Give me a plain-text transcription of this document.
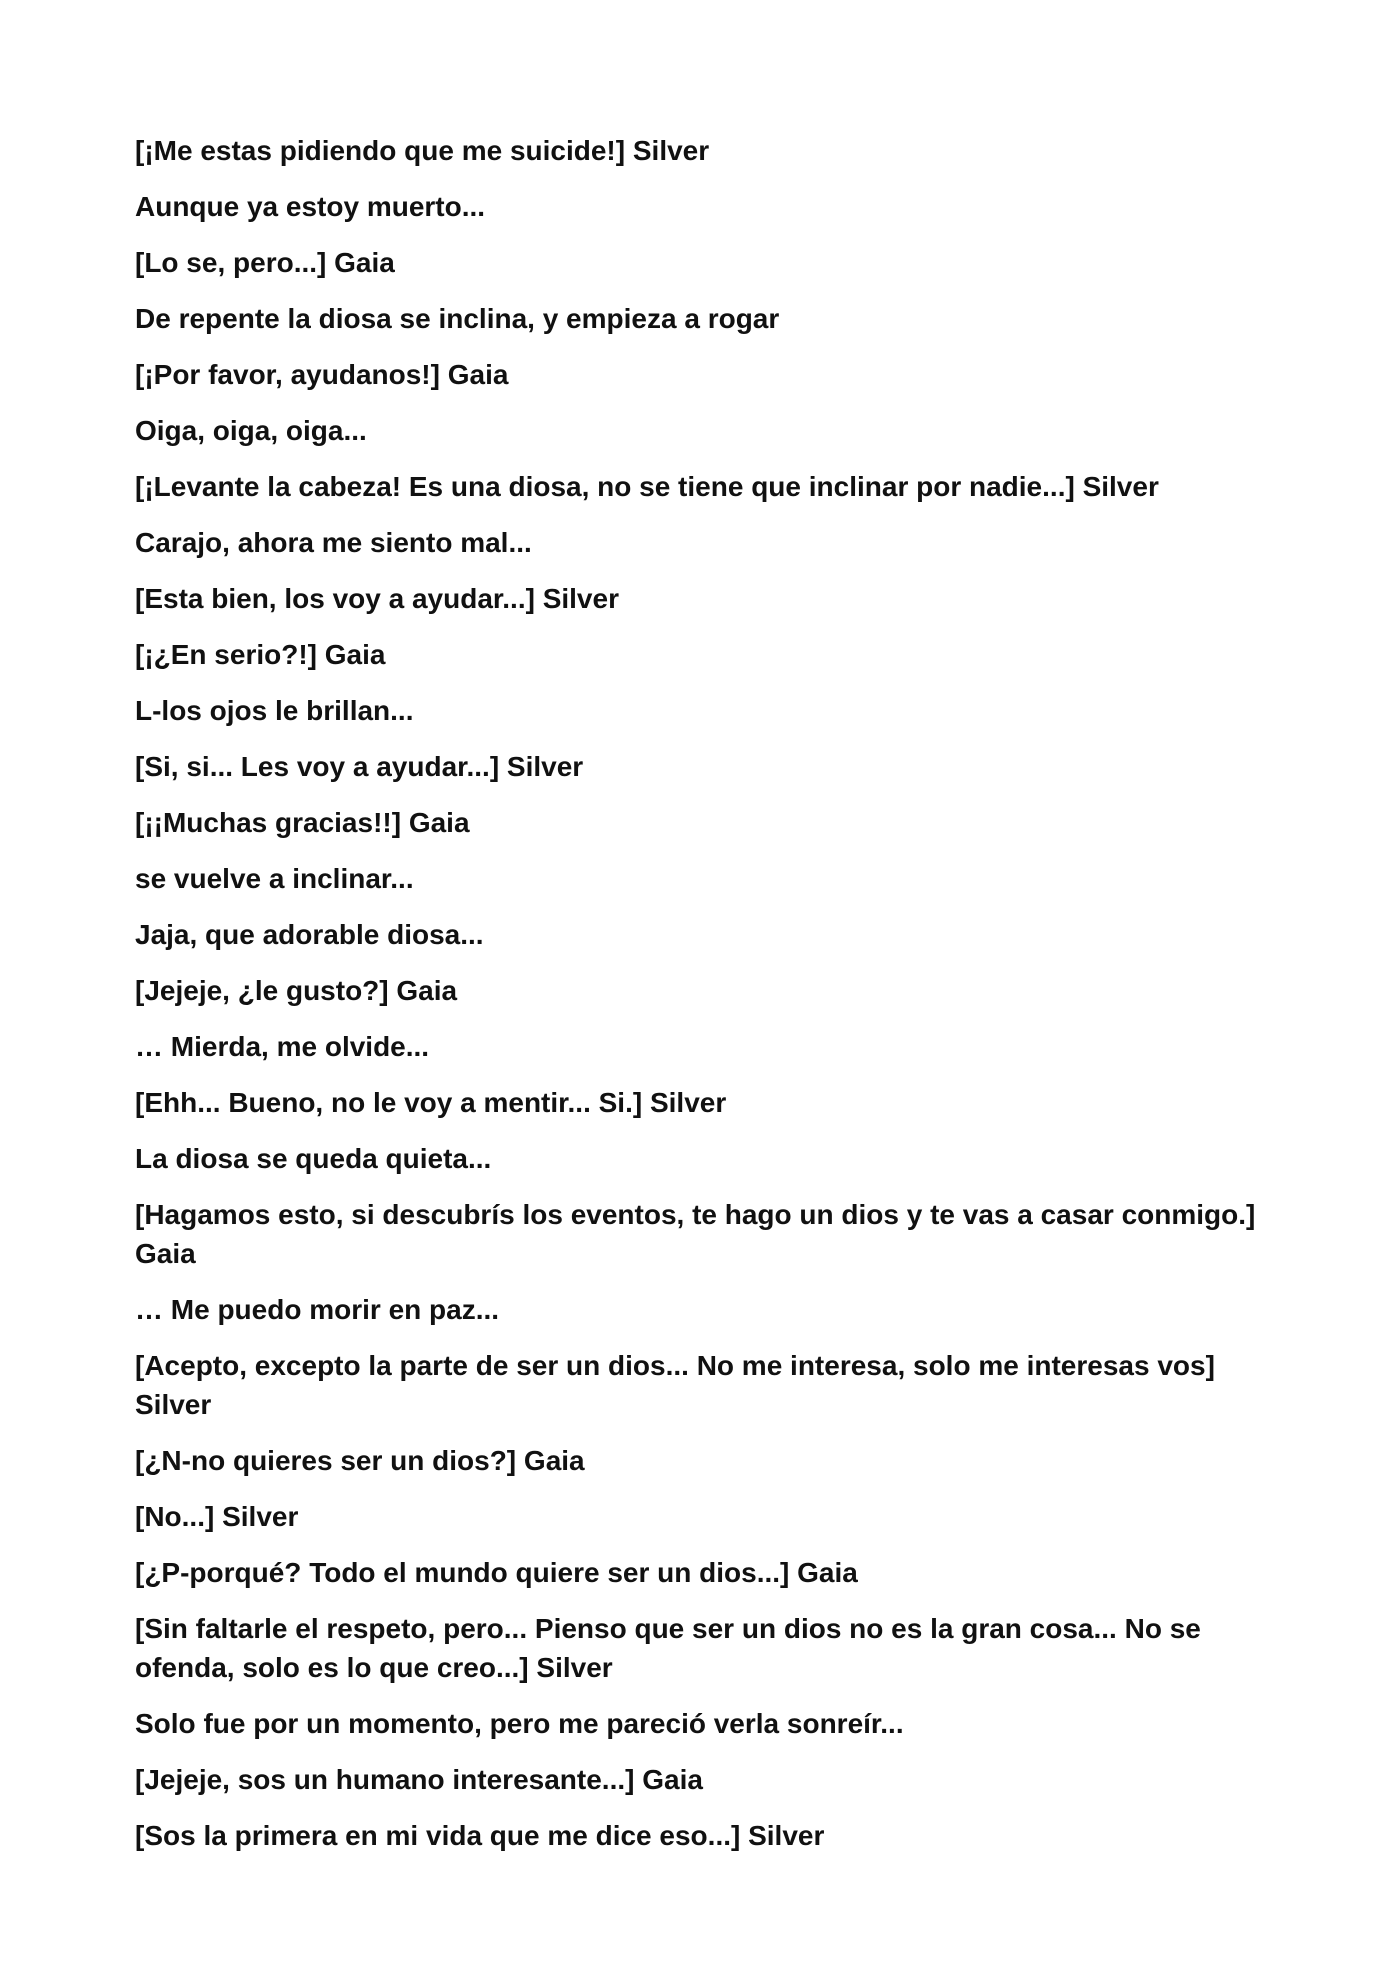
[¡Me estas pidiendo que me suicide!] Silver

Aunque ya estoy muerto...

[Lo se, pero...] Gaia

De repente la diosa se inclina, y empieza a rogar

[¡Por favor, ayudanos!] Gaia

Oiga, oiga, oiga...

[¡Levante la cabeza! Es una diosa, no se tiene que inclinar por nadie...] Silver

Carajo, ahora me siento mal...

[Esta bien, los voy a ayudar...] Silver

[¡¿En serio?!] Gaia

L-los ojos le brillan...

[Si, si... Les voy a ayudar...] Silver

[¡¡Muchas gracias!!] Gaia

se vuelve a inclinar...

Jaja, que adorable diosa...

[Jejeje, ¿le gusto?] Gaia

… Mierda, me olvide...

[Ehh... Bueno, no le voy a mentir... Si.] Silver

La diosa se queda quieta...

[Hagamos esto, si descubrís los eventos, te hago un dios y te vas a casar conmigo.] Gaia

… Me puedo morir en paz...

[Acepto, excepto la parte de ser un dios... No me interesa, solo me interesas vos] Silver

[¿N-no quieres ser un dios?] Gaia

[No...] Silver

[¿P-porqué? Todo el mundo quiere ser un dios...] Gaia

[Sin faltarle el respeto, pero... Pienso que ser un dios no es la gran cosa... No se ofenda, solo es lo que creo...] Silver

Solo fue por un momento, pero me pareció verla sonreír...

[Jejeje, sos un humano interesante...] Gaia

[Sos la primera en mi vida que me dice eso...] Silver
